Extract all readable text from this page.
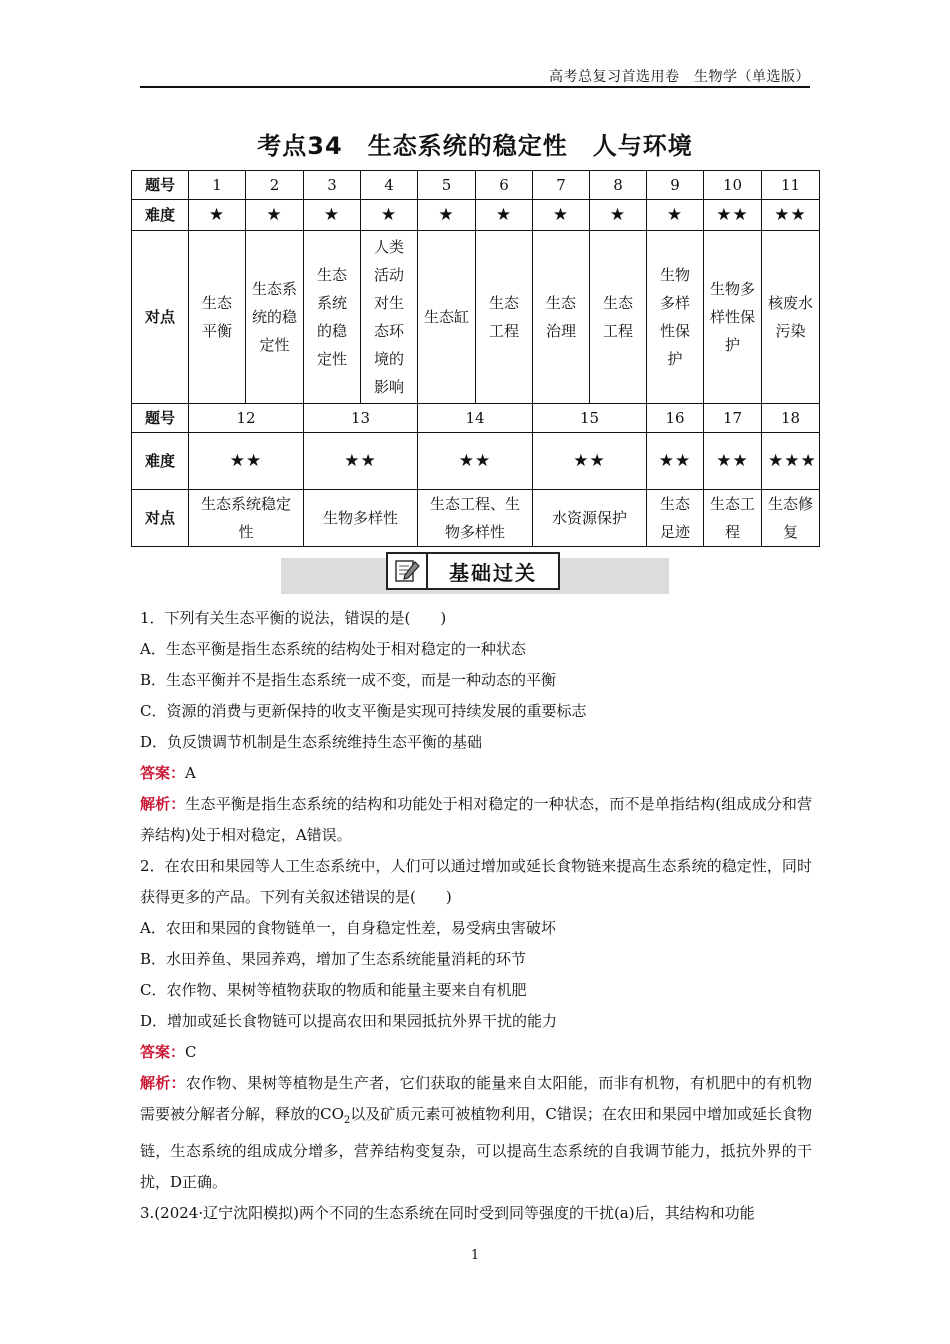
高考总复习首选用卷　生物学（单选版）
考点34　生态系统的稳定性　人与环境
题号	1	2	3	4	5	6	7	8	9	10	11
难度	★	★	★	★	★	★	★	★	★	★★	★★
对点	生态平衡	生态系统的稳定性	生态系统的稳定性	人类活动对生态环境的影响	生态缸	生态工程	生态治理	生态工程	生物多样性保护	生物多样性保护	核废水污染

题号	12		13		14		15		16	17	18
难度	★★		★★		★★		★★		★★	★★	★★★

对点	生态系统稳定性		生物多样性		生态工程、生物多样性		水资源保护		生态足迹	生态工程	生态修复
基础过关

1．下列有关生态平衡的说法，错误的是(　　)

A．生态平衡是指生态系统的结构处于相对稳定的一种状态

B．生态平衡并不是指生态系统一成不变，而是一种动态的平衡

C．资源的消费与更新保持的收支平衡是实现可持续发展的重要标志

D．负反馈调节机制是生态系统维持生态平衡的基础

答案：A

解析：生态平衡是指生态系统的结构和功能处于相对稳定的一种状态，而不是单指结构(组成成分和营养结构)处于相对稳定，A错误。

2．在农田和果园等人工生态系统中，人们可以通过增加或延长食物链来提高生态系统的稳定性，同时获得更多的产品。下列有关叙述错误的是(　　)

A．农田和果园的食物链单一，自身稳定性差，易受病虫害破坏

B．水田养鱼、果园养鸡，增加了生态系统能量消耗的环节

C．农作物、果树等植物获取的物质和能量主要来自有机肥

D．增加或延长食物链可以提高农田和果园抵抗外界干扰的能力

答案：C

解析：农作物、果树等植物是生产者，它们获取的能量来自太阳能，而非有机物，有机肥中的有机物需要被分解者分解，释放的$CO_2$以及矿质元素可被植物利用，C错误；在农田和果园中增加或延长食物链，生态系统的组成成分增多，营养结构变复杂，可以提高生态系统的自我调节能力，抵抗外界的干扰，D正确。

3.(2024·辽宁沈阳模拟)两个不同的生态系统在同时受到同等强度的干扰(a)后，其结构和功能

1
